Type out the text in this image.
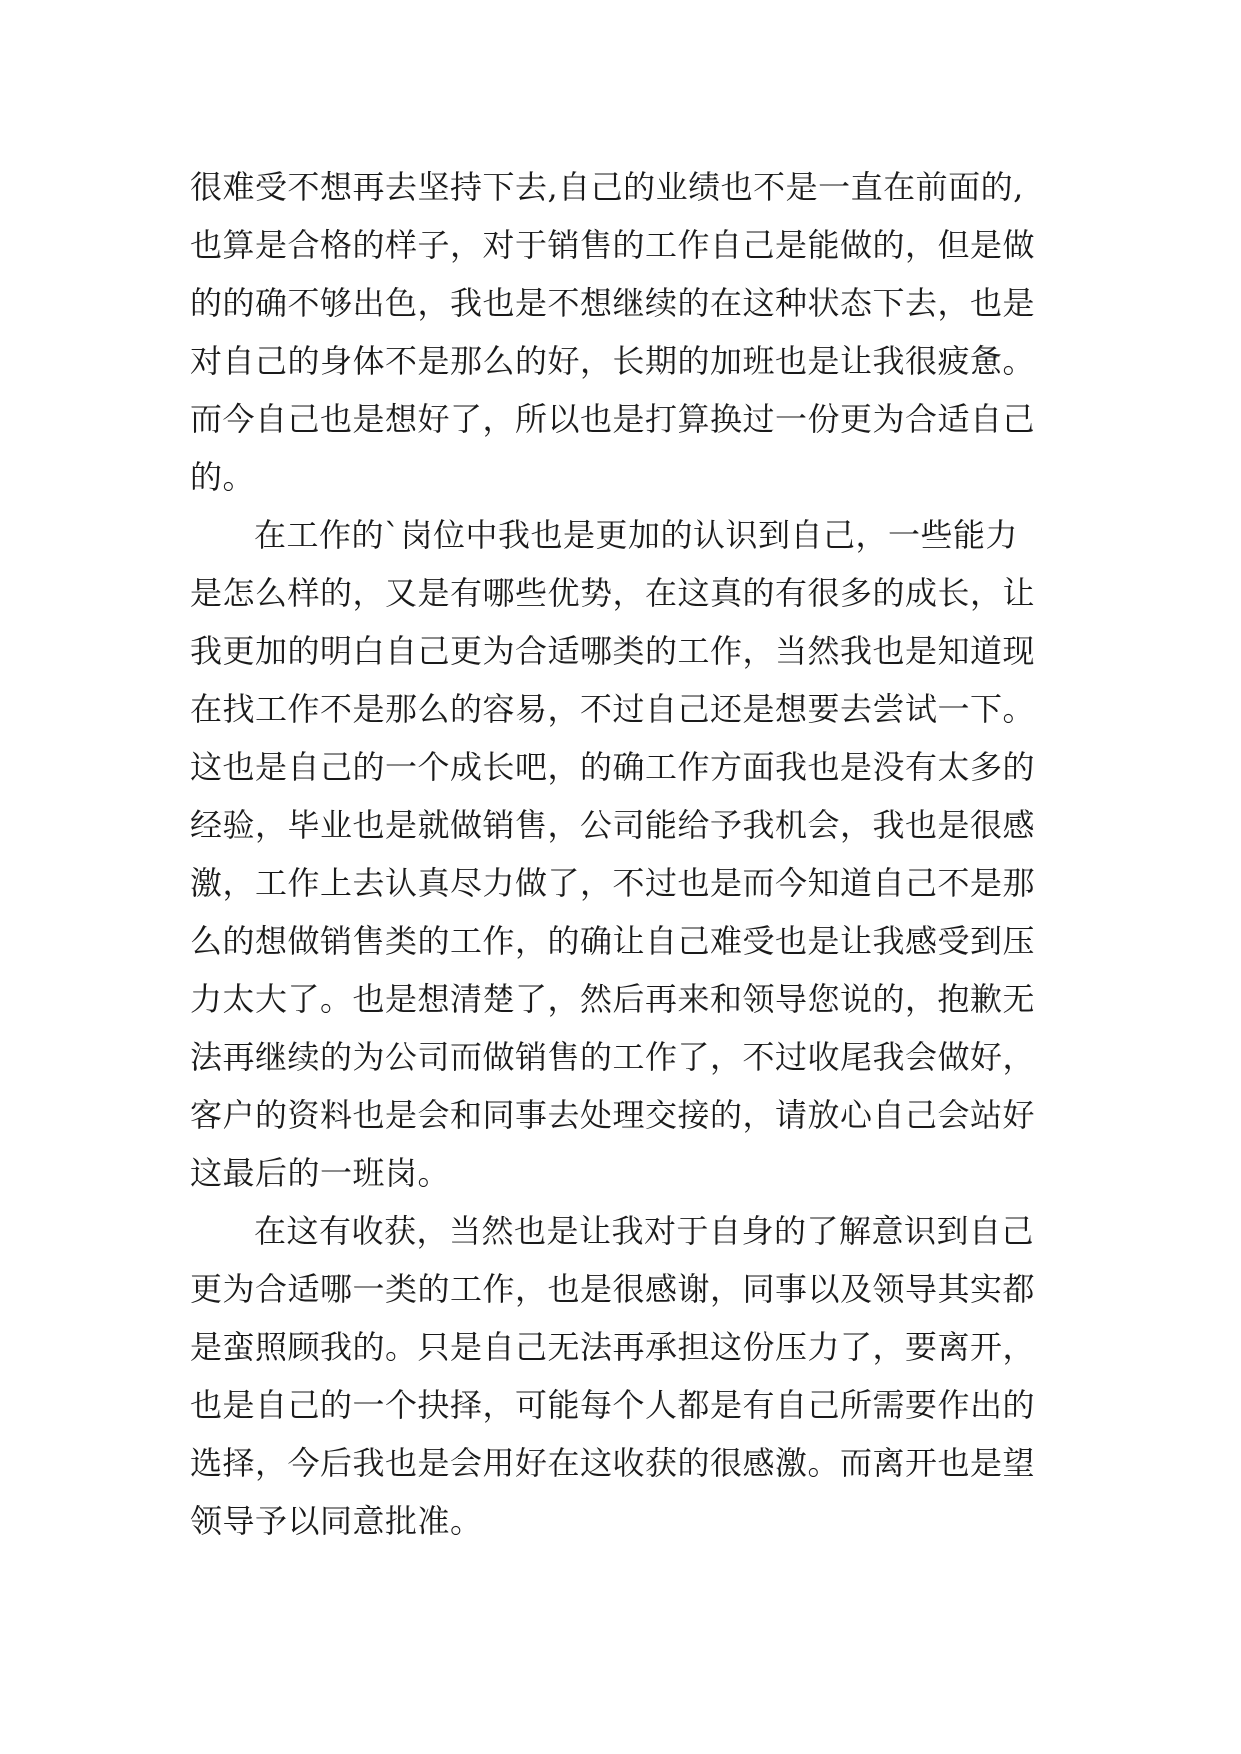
很难受不想再去坚持下去,自己的业绩也不是一直在前面的,
也算是合格的样子，对于销售的工作自己是能做的，但是做
的的确不够出色，我也是不想继续的在这种状态下去，也是
对自己的身体不是那么的好，长期的加班也是让我很疲惫。
而今自己也是想好了，所以也是打算换过一份更为合适自己
的。
在工作的`岗位中我也是更加的认识到自己，一些能力
是怎么样的，又是有哪些优势，在这真的有很多的成长，让
我更加的明白自己更为合适哪类的工作，当然我也是知道现
在找工作不是那么的容易，不过自己还是想要去尝试一下。
这也是自己的一个成长吧，的确工作方面我也是没有太多的
经验，毕业也是就做销售，公司能给予我机会，我也是很感
激，工作上去认真尽力做了，不过也是而今知道自己不是那
么的想做销售类的工作，的确让自己难受也是让我感受到压
力太大了。也是想清楚了，然后再来和领导您说的，抱歉无
法再继续的为公司而做销售的工作了，不过收尾我会做好，
客户的资料也是会和同事去处理交接的，请放心自己会站好
这最后的一班岗。
在这有收获，当然也是让我对于自身的了解意识到自己
更为合适哪一类的工作，也是很感谢，同事以及领导其实都
是蛮照顾我的。只是自己无法再承担这份压力了，要离开，
也是自己的一个抉择，可能每个人都是有自己所需要作出的
选择，今后我也是会用好在这收获的很感激。而离开也是望
领导予以同意批准。
